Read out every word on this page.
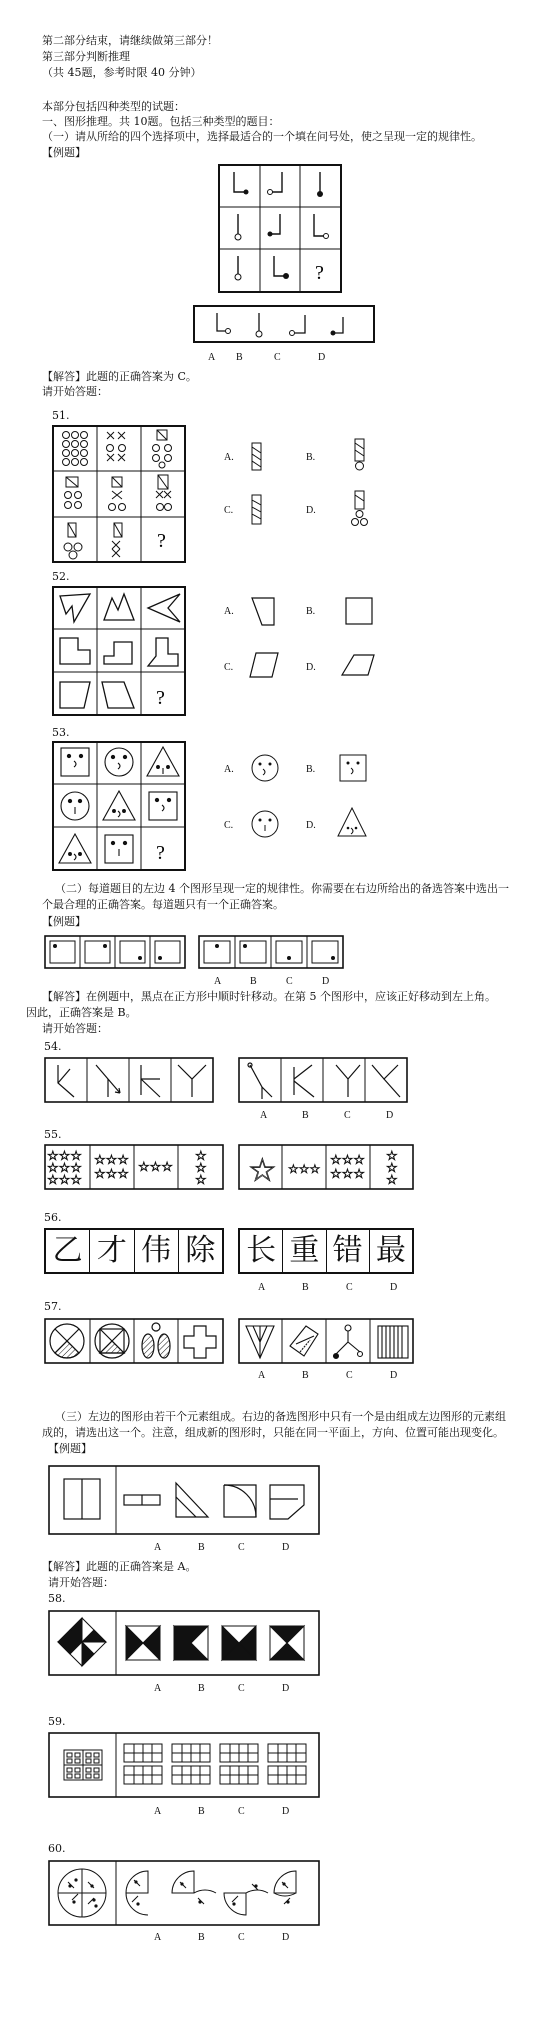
第二部分结束，请继续做第三部分！
第三部分判断推理
（共 45题，参考时限 40 分钟）
本部分包括四种类型的试题：
一、图形推理。共 10题。包括三种类型的题目：
（一）请从所给的四个选择项中，选择最适合的一个填在问号处，使之呈现一定的规律性。
【例题】
?
A B	C	D
【解答】此题的正确答案为 C。
请开始答题：
51.
?
A.	B.
C.	D.
52.
?
A.	B.
C.	D.
53.
?
A.	B.
C.	D.
（二）每道题目的左边 4 个图形呈现一定的规律性。你需要在右边所给出的备选答案中选出一
个最合理的正确答案。每道题只有一个正确答案。
【例题】
A	B	C	D
【解答】在例题中，黑点在正方形中顺时针移动。在第 5 个图形中，应该正好移动到左上角。
因此，正确答案是 B。
请开始答题：
54.
A	B	C	D
55.
☆☆☆
☆☆☆
☆☆☆
☆☆☆
☆☆☆ ☆☆☆
☆
☆
☆ ☆ ☆☆☆
☆☆☆
☆☆☆
☆
☆
☆
56.
乙 才 伟 除 长 重 错 最
A	B	C	D
57.
A	B	C	D
（三）左边的图形由若干个元素组成。右边的备选图形中只有一个是由组成左边图形的元素组
成的，请选出这一个。注意，组成新的图形时，只能在同一平面上，方向、位置可能出现变化。
【例题】
A	B	C	D
【解答】此题的正确答案是 A。
请开始答题：
58.
A	B	C	D
59.
A	B	C	D
60.
A	B	C	D
